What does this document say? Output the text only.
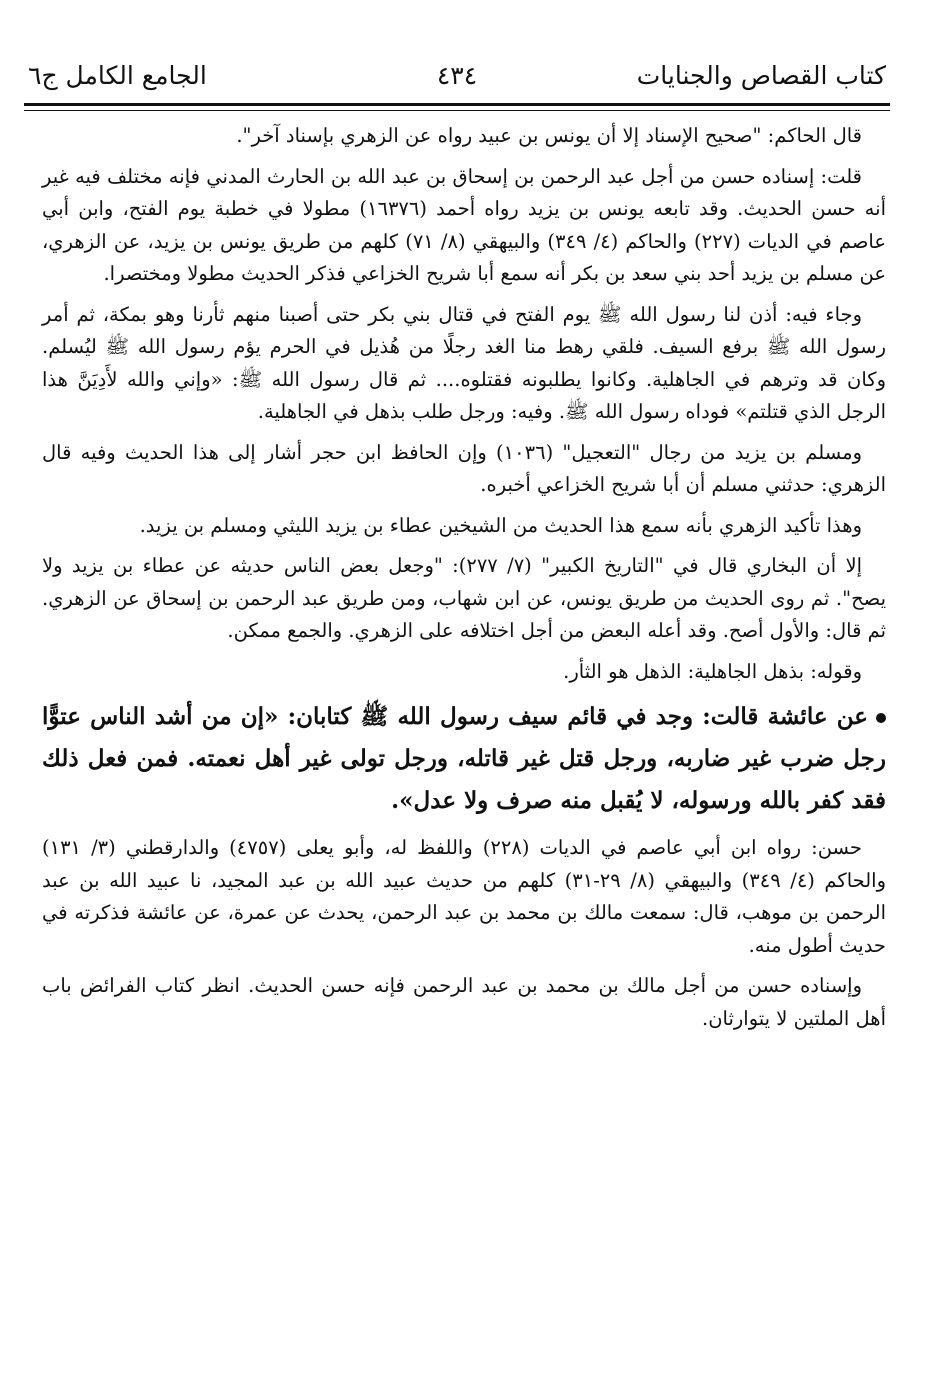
كتاب القصاص والجنايات
٤٣٤
الجامع الكامل ج٦

قال الحاكم: "صحيح الإسناد إلا أن يونس بن عبيد رواه عن الزهري بإسناد آخر".

قلت: إسناده حسن من أجل عبد الرحمن بن إسحاق بن عبد الله بن الحارث المدني فإنه مختلف فيه غير أنه حسن الحديث. وقد تابعه يونس بن يزيد رواه أحمد (١٦٣٧٦) مطولا في خطبة يوم الفتح، وابن أبي عاصم في الديات (٢٢٧) والحاكم (٤/ ٣٤٩) والبيهقي (٨/ ٧١) كلهم من طريق يونس بن يزيد، عن الزهري، عن مسلم بن يزيد أحد بني سعد بن بكر أنه سمع أبا شريح الخزاعي فذكر الحديث مطولا ومختصرا.

وجاء فيه: أذن لنا رسول الله ﷺ يوم الفتح في قتال بني بكر حتى أصبنا منهم ثأرنا وهو بمكة، ثم أمر رسول الله ﷺ برفع السيف. فلقي رهط منا الغد رجلًا من هُذيل في الحرم يؤم رسول الله ﷺ ليُسلم. وكان قد وترهم في الجاهلية. وكانوا يطلبونه فقتلوه.... ثم قال رسول الله ﷺ: «وإني والله لأَدِيَنَّ هذا الرجل الذي قتلتم» فوداه رسول الله ﷺ. وفيه: ورجل طلب بذهل في الجاهلية.

ومسلم بن يزيد من رجال "التعجيل" (١٠٣٦) وإن الحافظ ابن حجر أشار إلى هذا الحديث وفيه قال الزهري: حدثني مسلم أن أبا شريح الخزاعي أخبره.

وهذا تأكيد الزهري بأنه سمع هذا الحديث من الشيخين عطاء بن يزيد الليثي ومسلم بن يزيد.

إلا أن البخاري قال في "التاريخ الكبير" (٧/ ٢٧٧): "وجعل بعض الناس حديثه عن عطاء بن يزيد ولا يصح". ثم روى الحديث من طريق يونس، عن ابن شهاب، ومن طريق عبد الرحمن بن إسحاق عن الزهري. ثم قال: والأول أصح. وقد أعله البعض من أجل اختلافه على الزهري. والجمع ممكن.

وقوله: بذهل الجاهلية: الذهل هو الثأر.

عن عائشة قالت: وجد في قائم سيف رسول الله ﷺ كتابان: «إن من أشد الناس عتوًّا رجل ضرب غير ضاربه، ورجل قتل غير قاتله، ورجل تولى غير أهل نعمته. فمن فعل ذلك فقد كفر بالله ورسوله، لا يُقبل منه صرف ولا عدل».

حسن: رواه ابن أبي عاصم في الديات (٢٢٨) واللفظ له، وأبو يعلى (٤٧٥٧) والدارقطني (٣/ ١٣١) والحاكم (٤/ ٣٤٩) والبيهقي (٨/ ٢٩-٣١) كلهم من حديث عبيد الله بن عبد المجيد، نا عبيد الله بن عبد الرحمن بن موهب، قال: سمعت مالك بن محمد بن عبد الرحمن، يحدث عن عمرة، عن عائشة فذكرته في حديث أطول منه.

وإسناده حسن من أجل مالك بن محمد بن عبد الرحمن فإنه حسن الحديث. انظر كتاب الفرائض باب أهل الملتين لا يتوارثان.
